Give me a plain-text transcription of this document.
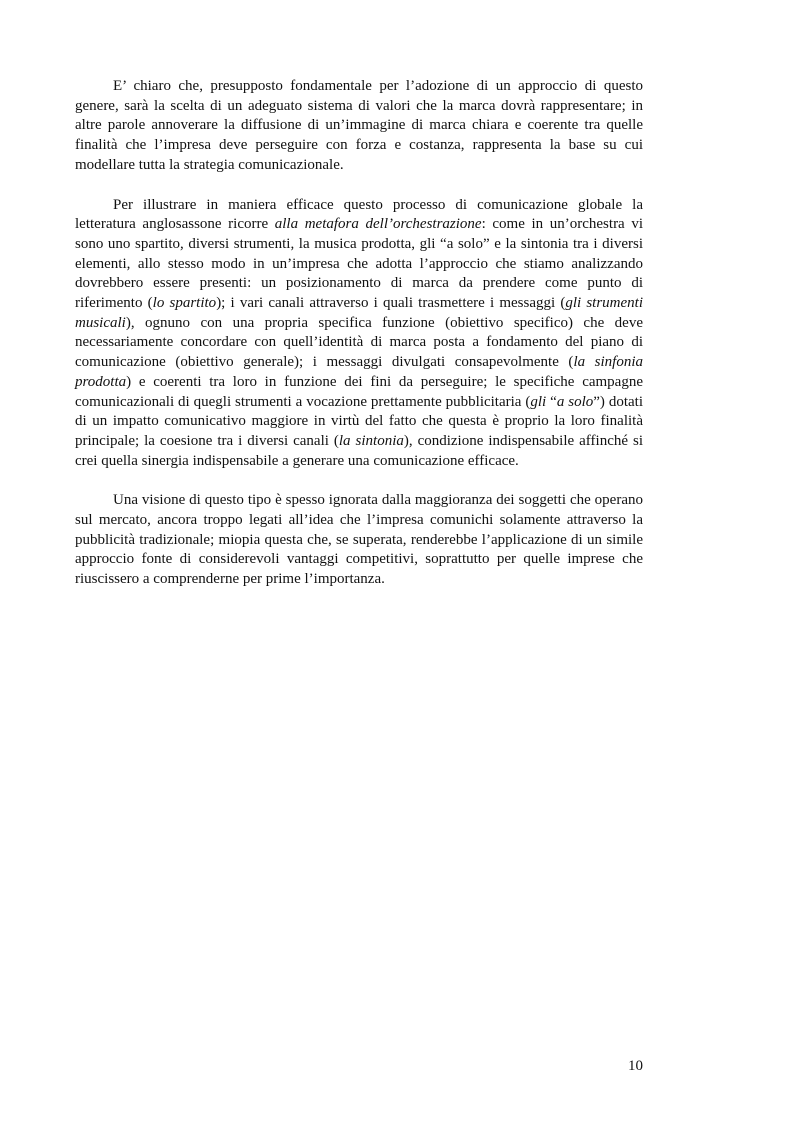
E’ chiaro che, presupposto fondamentale per l’adozione di un approccio di questo genere, sarà la scelta di un adeguato sistema di valori che la marca dovrà rappresentare; in altre parole annoverare la diffusione di un’immagine di marca chiara e coerente tra quelle finalità che l’impresa deve perseguire con forza e costanza, rappresenta la base su cui modellare tutta la strategia comunicazionale.

Per illustrare in maniera efficace questo processo di comunicazione globale la letteratura anglosassone ricorre alla metafora dell’orchestrazione: come in un’orchestra vi sono uno spartito, diversi strumenti, la musica prodotta, gli “a solo” e la sintonia tra i diversi elementi, allo stesso modo in un’impresa che adotta l’approccio che stiamo analizzando dovrebbero essere presenti: un posizionamento di marca da prendere come punto di riferimento (lo spartito); i vari canali attraverso i quali trasmettere i messaggi (gli strumenti musicali), ognuno con una propria specifica funzione (obiettivo specifico) che deve necessariamente concordare con quell’identità di marca posta a fondamento del piano di comunicazione (obiettivo generale); i messaggi divulgati consapevolmente (la sinfonia prodotta) e coerenti tra loro in funzione dei fini da perseguire; le specifiche campagne comunicazionali di quegli strumenti a vocazione prettamente pubblicitaria (gli “a solo”) dotati di un impatto comunicativo maggiore in virtù del fatto che questa è proprio la loro finalità principale; la coesione tra i diversi canali (la sintonia), condizione indispensabile affinché si crei quella sinergia indispensabile a generare una comunicazione efficace.

Una visione di questo tipo è spesso ignorata dalla maggioranza dei soggetti che operano sul mercato, ancora troppo legati all’idea che l’impresa comunichi solamente attraverso la pubblicità tradizionale; miopia questa che, se superata, renderebbe l’applicazione di un simile approccio fonte di considerevoli vantaggi competitivi, soprattutto per quelle imprese che riuscissero a comprenderne per prime l’importanza.

10
